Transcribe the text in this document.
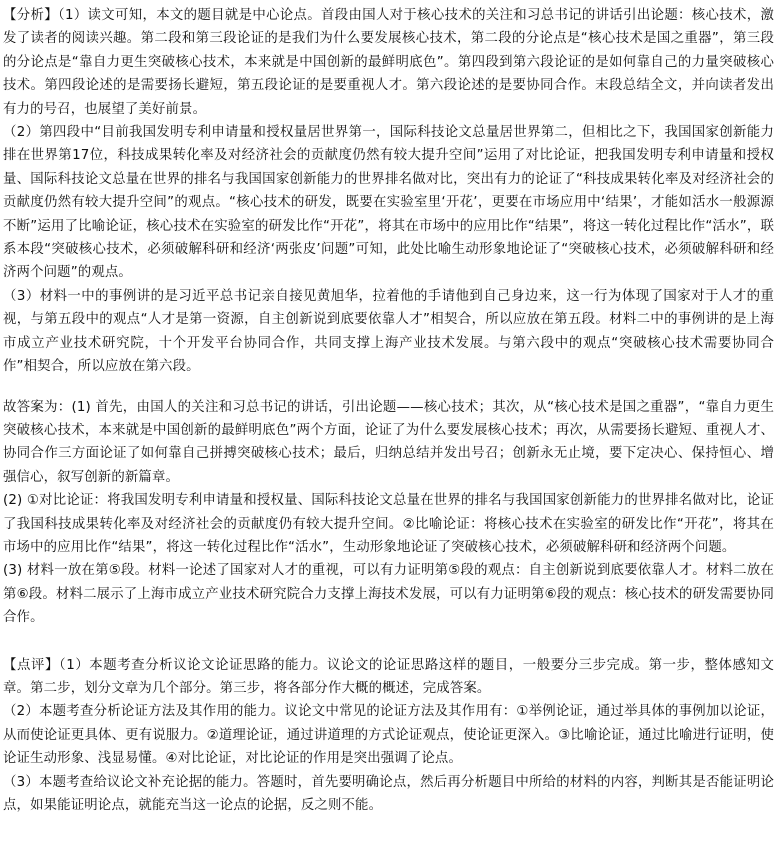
【分析】（1）读文可知，本文的题目就是中心论点。首段由国人对于核心技术的关注和习总书记的讲话引出论题：核心技术，激发了读者的阅读兴趣。第二段和第三段论证的是我们为什么要发展核心技术，第二段的分论点是“核心技术是国之重器”，第三段的分论点是“靠自力更生突破核心技术，本来就是中国创新的最鲜明底色”。第四段到第六段论证的是如何靠自己的力量突破核心技术。第四段论述的是需要扬长避短，第五段论证的是要重视人才。第六段论述的是要协同合作。末段总结全文，并向读者发出有力的号召，也展望了美好前景。

（2）第四段中“目前我国发明专利申请量和授权量居世界第一，国际科技论文总量居世界第二，但相比之下，我国国家创新能力排在世界第17位，科技成果转化率及对经济社会的贡献度仍然有较大提升空间”运用了对比论证，把我国发明专利申请量和授权量、国际科技论文总量在世界的排名与我国国家创新能力的世界排名做对比，突出有力的论证了“科技成果转化率及对经济社会的贡献度仍然有较大提升空间”的观点。“核心技术的研发，既要在实验室里‘开花’，更要在市场应用中‘结果’，才能如活水一般源源不断”运用了比喻论证，核心技术在实验室的研发比作“开花”，将其在市场中的应用比作“结果”，将这一转化过程比作“活水”，联系本段“突破核心技术，必须破解科研和经济‘两张皮’问题”可知，此处比喻生动形象地论证了“突破核心技术，必须破解科研和经济两个问题”的观点。

（3）材料一中的事例讲的是习近平总书记亲自接见黄旭华，拉着他的手请他到自己身边来，这一行为体现了国家对于人才的重视，与第五段中的观点“人才是第一资源，自主创新说到底要依靠人才”相契合，所以应放在第五段。材料二中的事例讲的是上海市成立产业技术研究院，十个开发平台协同合作，共同支撑上海产业技术发展。与第六段中的观点“突破核心技术需要协同合作”相契合，所以应放在第六段。

故答案为：(1) 首先，由国人的关注和习总书记的讲话，引出论题——核心技术；其次，从“核心技术是国之重器”，“靠自力更生突破核心技术，本来就是中国创新的最鲜明底色”两个方面，论证了为什么要发展核心技术；再次，从需要扬长避短、重视人才、协同合作三方面论证了如何靠自己拼搏突破核心技术；最后，归纳总结并发出号召；创新永无止境，要下定决心、保持恒心、增强信心，叙写创新的新篇章。

(2) ①对比论证：将我国发明专利申请量和授权量、国际科技论文总量在世界的排名与我国国家创新能力的世界排名做对比，论证了我国科技成果转化率及对经济社会的贡献度仍有较大提升空间。②比喻论证：将核心技术在实验室的研发比作“开花”，将其在市场中的应用比作“结果”，将这一转化过程比作“活水”，生动形象地论证了突破核心技术，必须破解科研和经济两个问题。

(3) 材料一放在第⑤段。材料一论述了国家对人才的重视，可以有力证明第⑤段的观点：自主创新说到底要依靠人才。材料二放在第⑥段。材料二展示了上海市成立产业技术研究院合力支撑上海技术发展，可以有力证明第⑥段的观点：核心技术的研发需要协同合作。

【点评】（1）本题考查分析议论文论证思路的能力。议论文的论证思路这样的题目，一般要分三步完成。第一步，整体感知文章。第二步，划分文章为几个部分。第三步，将各部分作大概的概述，完成答案。

（2）本题考查分析论证方法及其作用的能力。议论文中常见的论证方法及其作用有：①举例论证，通过举具体的事例加以论证，从而使论证更具体、更有说服力。②道理论证，通过讲道理的方式论证观点，使论证更深入。③比喻论证，通过比喻进行证明，使论证生动形象、浅显易懂。④对比论证，对比论证的作用是突出强调了论点。

（3）本题考查给议论文补充论据的能力。答题时，首先要明确论点，然后再分析题目中所给的材料的内容，判断其是否能证明论点，如果能证明论点，就能充当这一论点的论据，反之则不能。
